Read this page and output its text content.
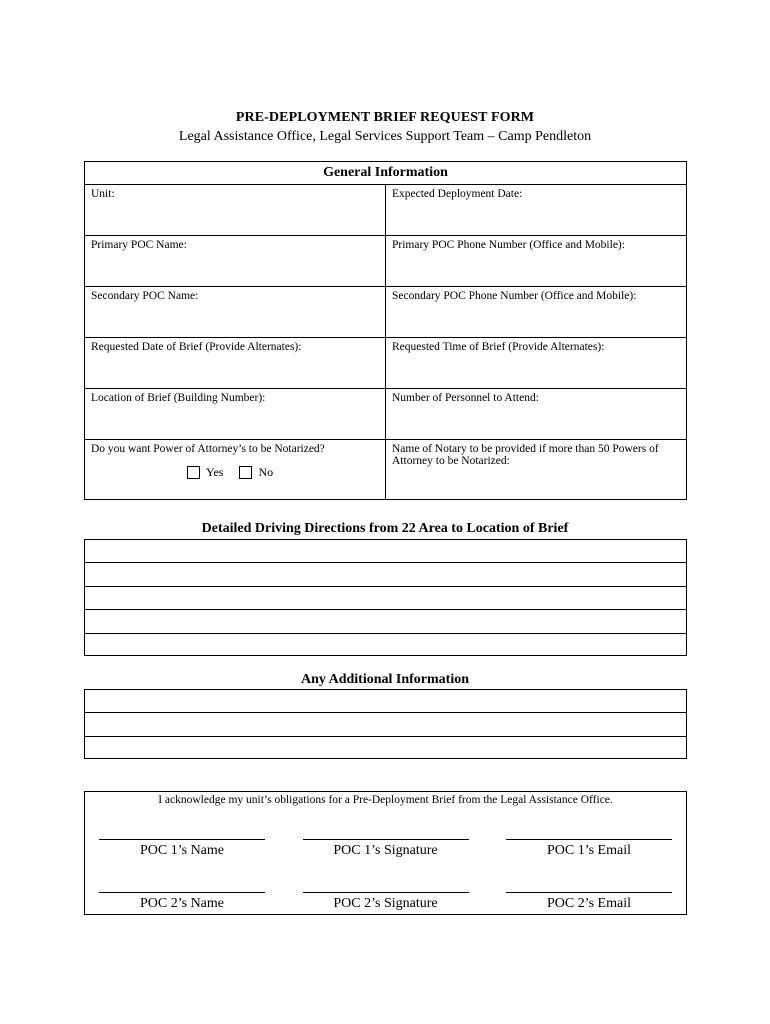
PRE-DEPLOYMENT BRIEF REQUEST FORM
Legal Assistance Office, Legal Services Support Team – Camp Pendleton
General Information	
Unit:	Expected Deployment Date:
Primary POC Name:	Primary POC Phone Number (Office and Mobile):
Secondary POC Name:	Secondary POC Phone Number (Office and Mobile):
Requested Date of Brief (Provide Alternates):	Requested Time of Brief (Provide Alternates):
Location of Brief (Building Number):	Number of Personnel to Attend:

Do you want Power of Attorney’s to be Notarized?
Yes No	Name of Notary to be provided if more than 50 Powers of Attorney to be Notarized:
Detailed Driving Directions from 22 Area to Location of Brief
Any Additional Information
I acknowledge my unit’s obligations for a Pre-Deployment Brief from the Legal Assistance Office.
POC 1’s Name	POC 1’s Signature	POC 1’s Email
POC 2’s Name	POC 2’s Signature	POC 2’s Email
